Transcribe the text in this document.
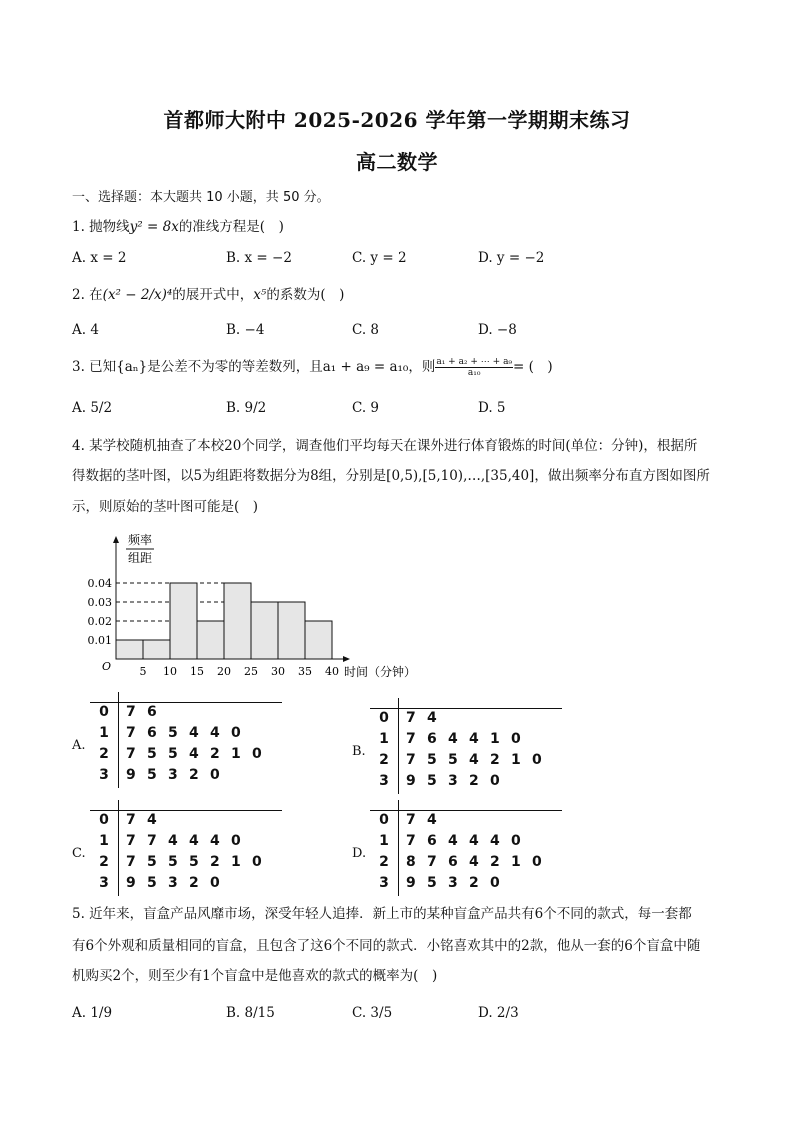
首都师大附中 2025-2026 学年第一学期期末练习
高二数学
一、选择题：本大题共 10 小题，共 50 分。
1. 抛物线y² = 8x的准线方程是(　)
A. x = 2	B. x = −2	C. y = 2	D. y = −2
2. 在(x² − 2/x)⁴的展开式中，x⁵的系数为(　)
A. 4	B. −4	C. 8	D. −8
3. 已知{aₙ}是公差不为零的等差数列，且a₁ + a₉ = a₁₀，则 $\frac{\text{a₁ + a₂ + ⋯ + a₉}}{\text{a₁₀}}$ = (　)
A. 5/2	B. 9/2	C. 9	D. 5
4. 某学校随机抽查了本校20个同学，调查他们平均每天在课外进行体育锻炼的时间(单位：分钟)，根据所
得数据的茎叶图，以5为组距将数据分为8组，分别是[0,5),[5,10),…,[35,40]，做出频率分布直方图如图所
示，则原始的茎叶图可能是(　)
频率
组距
5 10 15 20 25 30 35 40
0.01
0.02
0.03
0.04
时间（分钟）
O
A.
0 7 6
1 7 6 5 4 4 0
2 7 5 5 4 2 1 0
3 9 5 3 2 0
B.
0 7 4
1 7 6 4 4 1 0
2 7 5 5 4 2 1 0
3 9 5 3 2 0
C.
0 7 4
1 7 7 4 4 4 0
2 7 5 5 5 2 1 0
3 9 5 3 2 0
D.
0 7 4
1 7 6 4 4 4 0
2 8 7 6 4 2 1 0
3 9 5 3 2 0
5. 近年来，盲盒产品风靡市场，深受年轻人追捧．新上市的某种盲盒产品共有6个不同的款式，每一套都
有6个外观和质量相同的盲盒，且包含了这6个不同的款式．小铭喜欢其中的2款，他从一套的6个盲盒中随
机购买2个，则至少有1个盲盒中是他喜欢的款式的概率为(　)
A. 1/9	B. 8/15	C. 3/5	D. 2/3
